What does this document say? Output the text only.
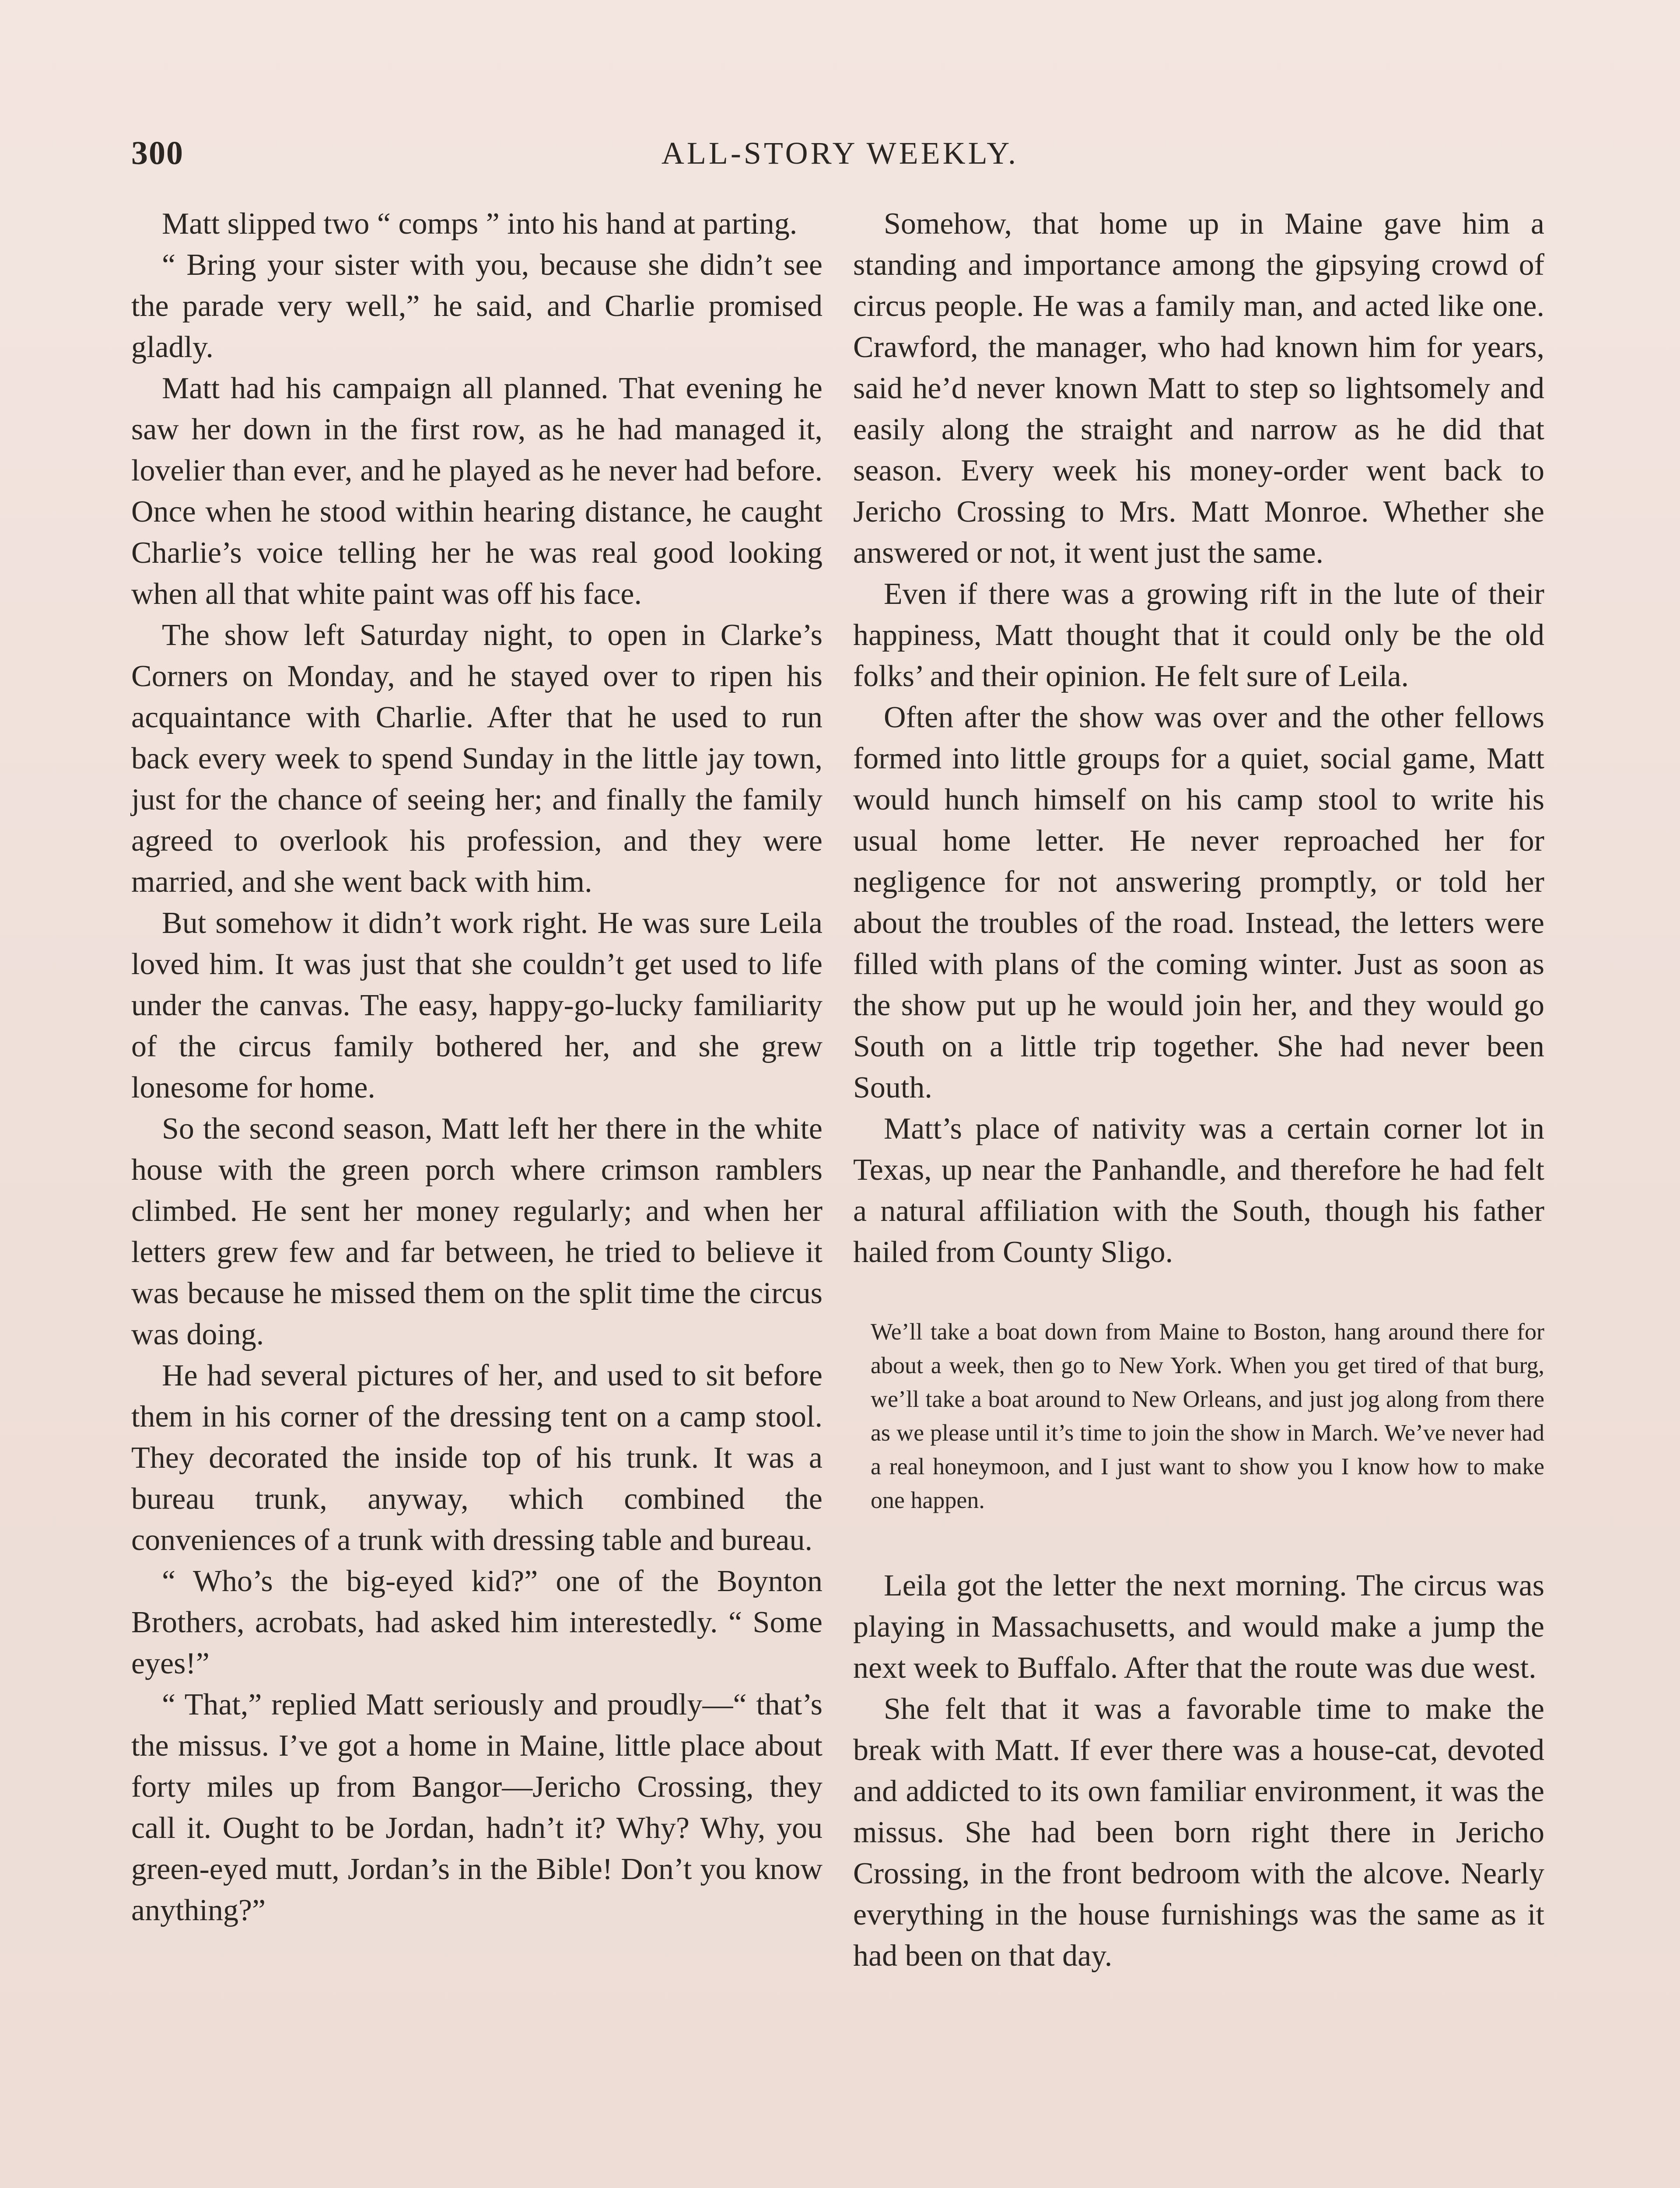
300	ALL-STORY WEEKLY.

Matt slipped two “ comps ” into his hand at parting.

“ Bring your sister with you, because she didn’t see the parade very well,” he said, and Charlie promised gladly.

Matt had his campaign all planned. That evening he saw her down in the first row, as he had managed it, lovelier than ever, and he played as he never had before. Once when he stood within hearing distance, he caught Charlie’s voice telling her he was real good looking when all that white paint was off his face.

The show left Saturday night, to open in Clarke’s Corners on Monday, and he stayed over to ripen his acquaintance with Charlie. After that he used to run back every week to spend Sunday in the little jay town, just for the chance of seeing her; and finally the family agreed to overlook his profession, and they were married, and she went back with him.

But somehow it didn’t work right. He was sure Leila loved him. It was just that she couldn’t get used to life under the canvas. The easy, happy-go-lucky familiarity of the circus family bothered her, and she grew lonesome for home.

So the second season, Matt left her there in the white house with the green porch where crimson ramblers climbed. He sent her money regularly; and when her letters grew few and far between, he tried to believe it was because he missed them on the split time the circus was doing.

He had several pictures of her, and used to sit before them in his corner of the dressing tent on a camp stool. They decorated the inside top of his trunk. It was a bureau trunk, anyway, which combined the conveniences of a trunk with dressing table and bureau.

“ Who’s the big-eyed kid?” one of the Boynton Brothers, acrobats, had asked him interestedly. “ Some eyes!”

“ That,” replied Matt seriously and proudly—“ that’s the missus. I’ve got a home in Maine, little place about forty miles up from Bangor—Jericho Crossing, they call it. Ought to be Jordan, hadn’t it? Why? Why, you green-eyed mutt, Jordan’s in the Bible! Don’t you know anything?”

Somehow, that home up in Maine gave him a standing and importance among the gipsying crowd of circus people. He was a family man, and acted like one. Crawford, the manager, who had known him for years, said he’d never known Matt to step so lightsomely and easily along the straight and narrow as he did that season. Every week his money-order went back to Jericho Crossing to Mrs. Matt Monroe. Whether she answered or not, it went just the same.

Even if there was a growing rift in the lute of their happiness, Matt thought that it could only be the old folks’ and their opinion. He felt sure of Leila.

Often after the show was over and the other fellows formed into little groups for a quiet, social game, Matt would hunch himself on his camp stool to write his usual home letter. He never reproached her for negligence for not answering promptly, or told her about the troubles of the road. Instead, the letters were filled with plans of the coming winter. Just as soon as the show put up he would join her, and they would go South on a little trip together. She had never been South.

Matt’s place of nativity was a certain corner lot in Texas, up near the Panhandle, and therefore he had felt a natural affiliation with the South, though his father hailed from County Sligo.

We’ll take a boat down from Maine to Boston, hang around there for about a week, then go to New York. When you get tired of that burg, we’ll take a boat around to New Orleans, and just jog along from there as we please until it’s time to join the show in March. We’ve never had a real honeymoon, and I just want to show you I know how to make one happen.

Leila got the letter the next morning. The circus was playing in Massachusetts, and would make a jump the next week to Buffalo. After that the route was due west.

She felt that it was a favorable time to make the break with Matt. If ever there was a house-cat, devoted and addicted to its own familiar environment, it was the missus. She had been born right there in Jericho Crossing, in the front bedroom with the alcove. Nearly everything in the house furnishings was the same as it had been on that day.
